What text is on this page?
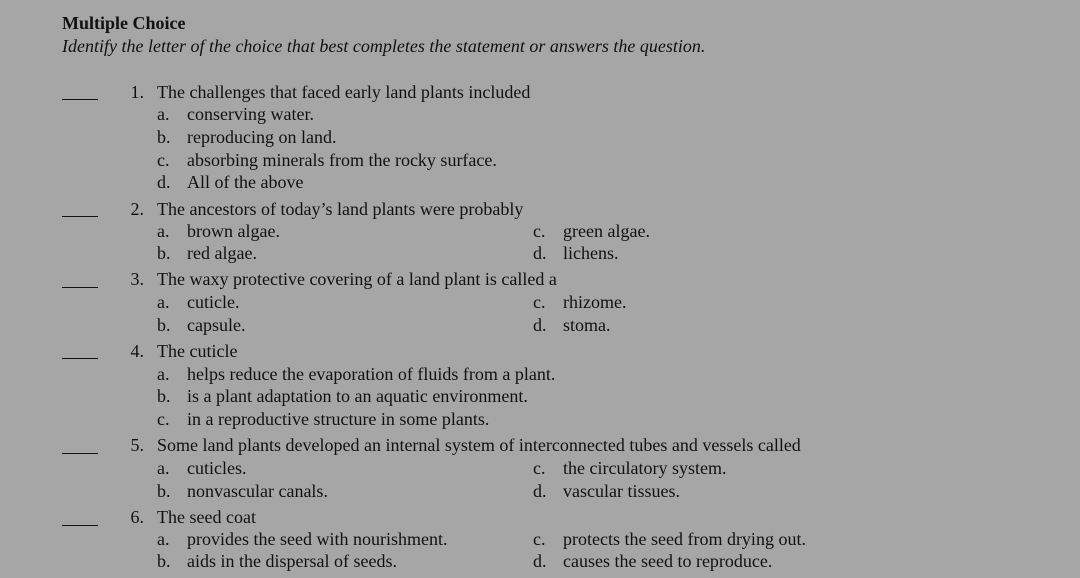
Multiple Choice
Identify the letter of the choice that best completes the statement or answers the question.
1. The challenges that faced early land plants included
a. conserving water.
b. reproducing on land.
c. absorbing minerals from the rocky surface.
d. All of the above
2. The ancestors of today’s land plants were probably
a. brown algae.
b. red algae.
c. green algae.
d. lichens.
3. The waxy protective covering of a land plant is called a
a. cuticle.
b. capsule.
c. rhizome.
d. stoma.
4. The cuticle
a. helps reduce the evaporation of fluids from a plant.
b. is a plant adaptation to an aquatic environment.
c. in a reproductive structure in some plants.
5. Some land plants developed an internal system of interconnected tubes and vessels called
a. cuticles.
b. nonvascular canals.
c. the circulatory system.
d. vascular tissues.
6. The seed coat
a. provides the seed with nourishment.
b. aids in the dispersal of seeds.
c. protects the seed from drying out.
d. causes the seed to reproduce.
